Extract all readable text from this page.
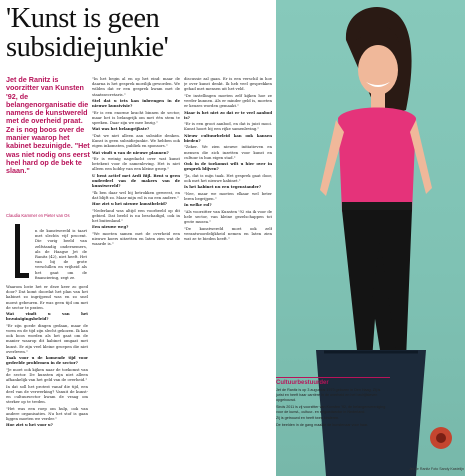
'Kunst is geen subsidiejunkie'

Jet de Ranitz is voorzitter van Kunsten '92, de belangenorganisatie die namens de kunstwereld met de overheid praat. Ze is nog boos over de manier waarop het kabinet bezuinigde. "Het was niet nodig ons eerst heel hard op de bek te slaan."

Claudia Kammer en Pieter van Os

n de kunstwereld is taart met slechts vijf procent. Die vorig beeld van zelfstandig ondernemers, als de Haagse Jet de Ranitz (42), niet heeft. Het van bij de grote verschillen en vrijheid als het gaat om de financiering, zegt ze.

Waarom loste het er deze keer zo goed door? Dat komt doordat het plan van het kabinet zo ingrijpend was en zo snel moest gebeuren. Er was geen tijd om met de sector te praten.

Wat vindt u van het bezuinigingsbeleid?

"Er zijn goede dingen gedaan, maar de vorm en de tijd zijn slecht gekozen. Ik kan ook boos worden als het gaat om de manier waarop dit kabinet omgaat met kunst. Er zijn veel kleine groepen die niet overleven."

Taak voor u de komende tijd voor gedeelde problemen in de sector?

"Je moet ook kijken naar de toekomst van de sector. De kunsten zijn niet alleen afhankelijk van het geld van de overheid."

In dat soll het protest vanaf die tijd, een deel van de verwerking? Vanuit de kunst- en cultuursector kwam de vraag om sterker op te treden.

"Het was een roep om hulp, ook van andere organisaties. Nu het stof is gaan liggen moeten we verder."

Hoe ziet u het voor u?

"In het begin al en op het eind: maar de daarna is het gesprek moeilijk geworden. We wilden dat er een gesprek kwam met de staatssecretaris."

Stel dat u iets kan inbrengen in de nieuwe kunstvisie?

"Er is een enorme kracht binnen de sector, maar het is belangrijk om met één stem te spreken. Daar zijn we mee bezig."

Wat was het belangrijkste?

"Dat we niet alleen aan subsidie denken. Kunst is geen subsidiejunkie. We hebben ook eigen inkomsten, publiek en sponsors."

Wat vindt u van de nieuwe plannen?

"Er is weinig nagedacht over wat kunst betekent voor de samenleving. Het is niet alleen een hobby van een kleine groep."

U bent actief met Ardi Bijl. Bent u geen onderdeel van de makers van de kunstwereld?

"Ik ben daar wel bij betrokken geweest, en dat blijft zo. Maar mijn rol is nu een andere."

Hoe ziet u het nieuwe kunstbeleid?

"Nederland was altijd een voorbeeld op dit gebied. Dat beeld is nu beschadigd, ook in het buitenland."

Een nieuwe weg?

"We moeten samen met de overheid een nieuwe koers uitzetten en laten zien wat de waarde is."

discussie zal gaan. Er is een verschil in hoe je over kunst denkt. Ik heb veel gesprekken gehad met mensen uit het veld.

"De instellingen moeten zelf kijken hoe ze verder kunnen. Als er minder geld is, moeten er keuzes worden gemaakt."

Maar is het niet zo dat er te veel aanbod is?

"Er is een groot aanbod, en dat is juist mooi. Kunst hoort bij een rijke samenleving."

Nieuw cultuurbeleid kan ook kansen bieden?

"Zeker. We zien nieuwe initiatieven en mensen die zich inzetten voor kunst en cultuur in hun eigen stad."

Ook in de toekomst wilt u hier over in gesprek blijven?

"Ja, dat is mijn taak. Het gesprek gaat door, ook met het nieuwe kabinet."

Is het kabinet nu een tegenstander?

"Nee, maar we moeten elkaar wel beter leren begrijpen."

In welke rol?

"Als voorzitter van Kunsten '92 sta ik voor de hele sector, van kleine gezelschappen tot grote musea."

"De kunstwereld moet ook zelf verantwoordelijkheid nemen en laten zien wat ze te bieden heeft."

Cultuurbestuurder

Jet de Ranitz is op 3 augustus 1970 geboren in Den Haag. Zij is jurist en heeft haar carrière in de overheid en het bedrijfsleven opgebouwd.

Sinds 2011 is zij voorzitter van Kunsten '92, de belangenvereniging voor de kunst-, cultuur- en erfgoedsector in Nederland.

Zij is getrouwd en heeft twee kinderen.

De beelden in de gang maakte de kunstenaar voor haar.

Jet de Ranitz Foto Sandy Kastelijn
